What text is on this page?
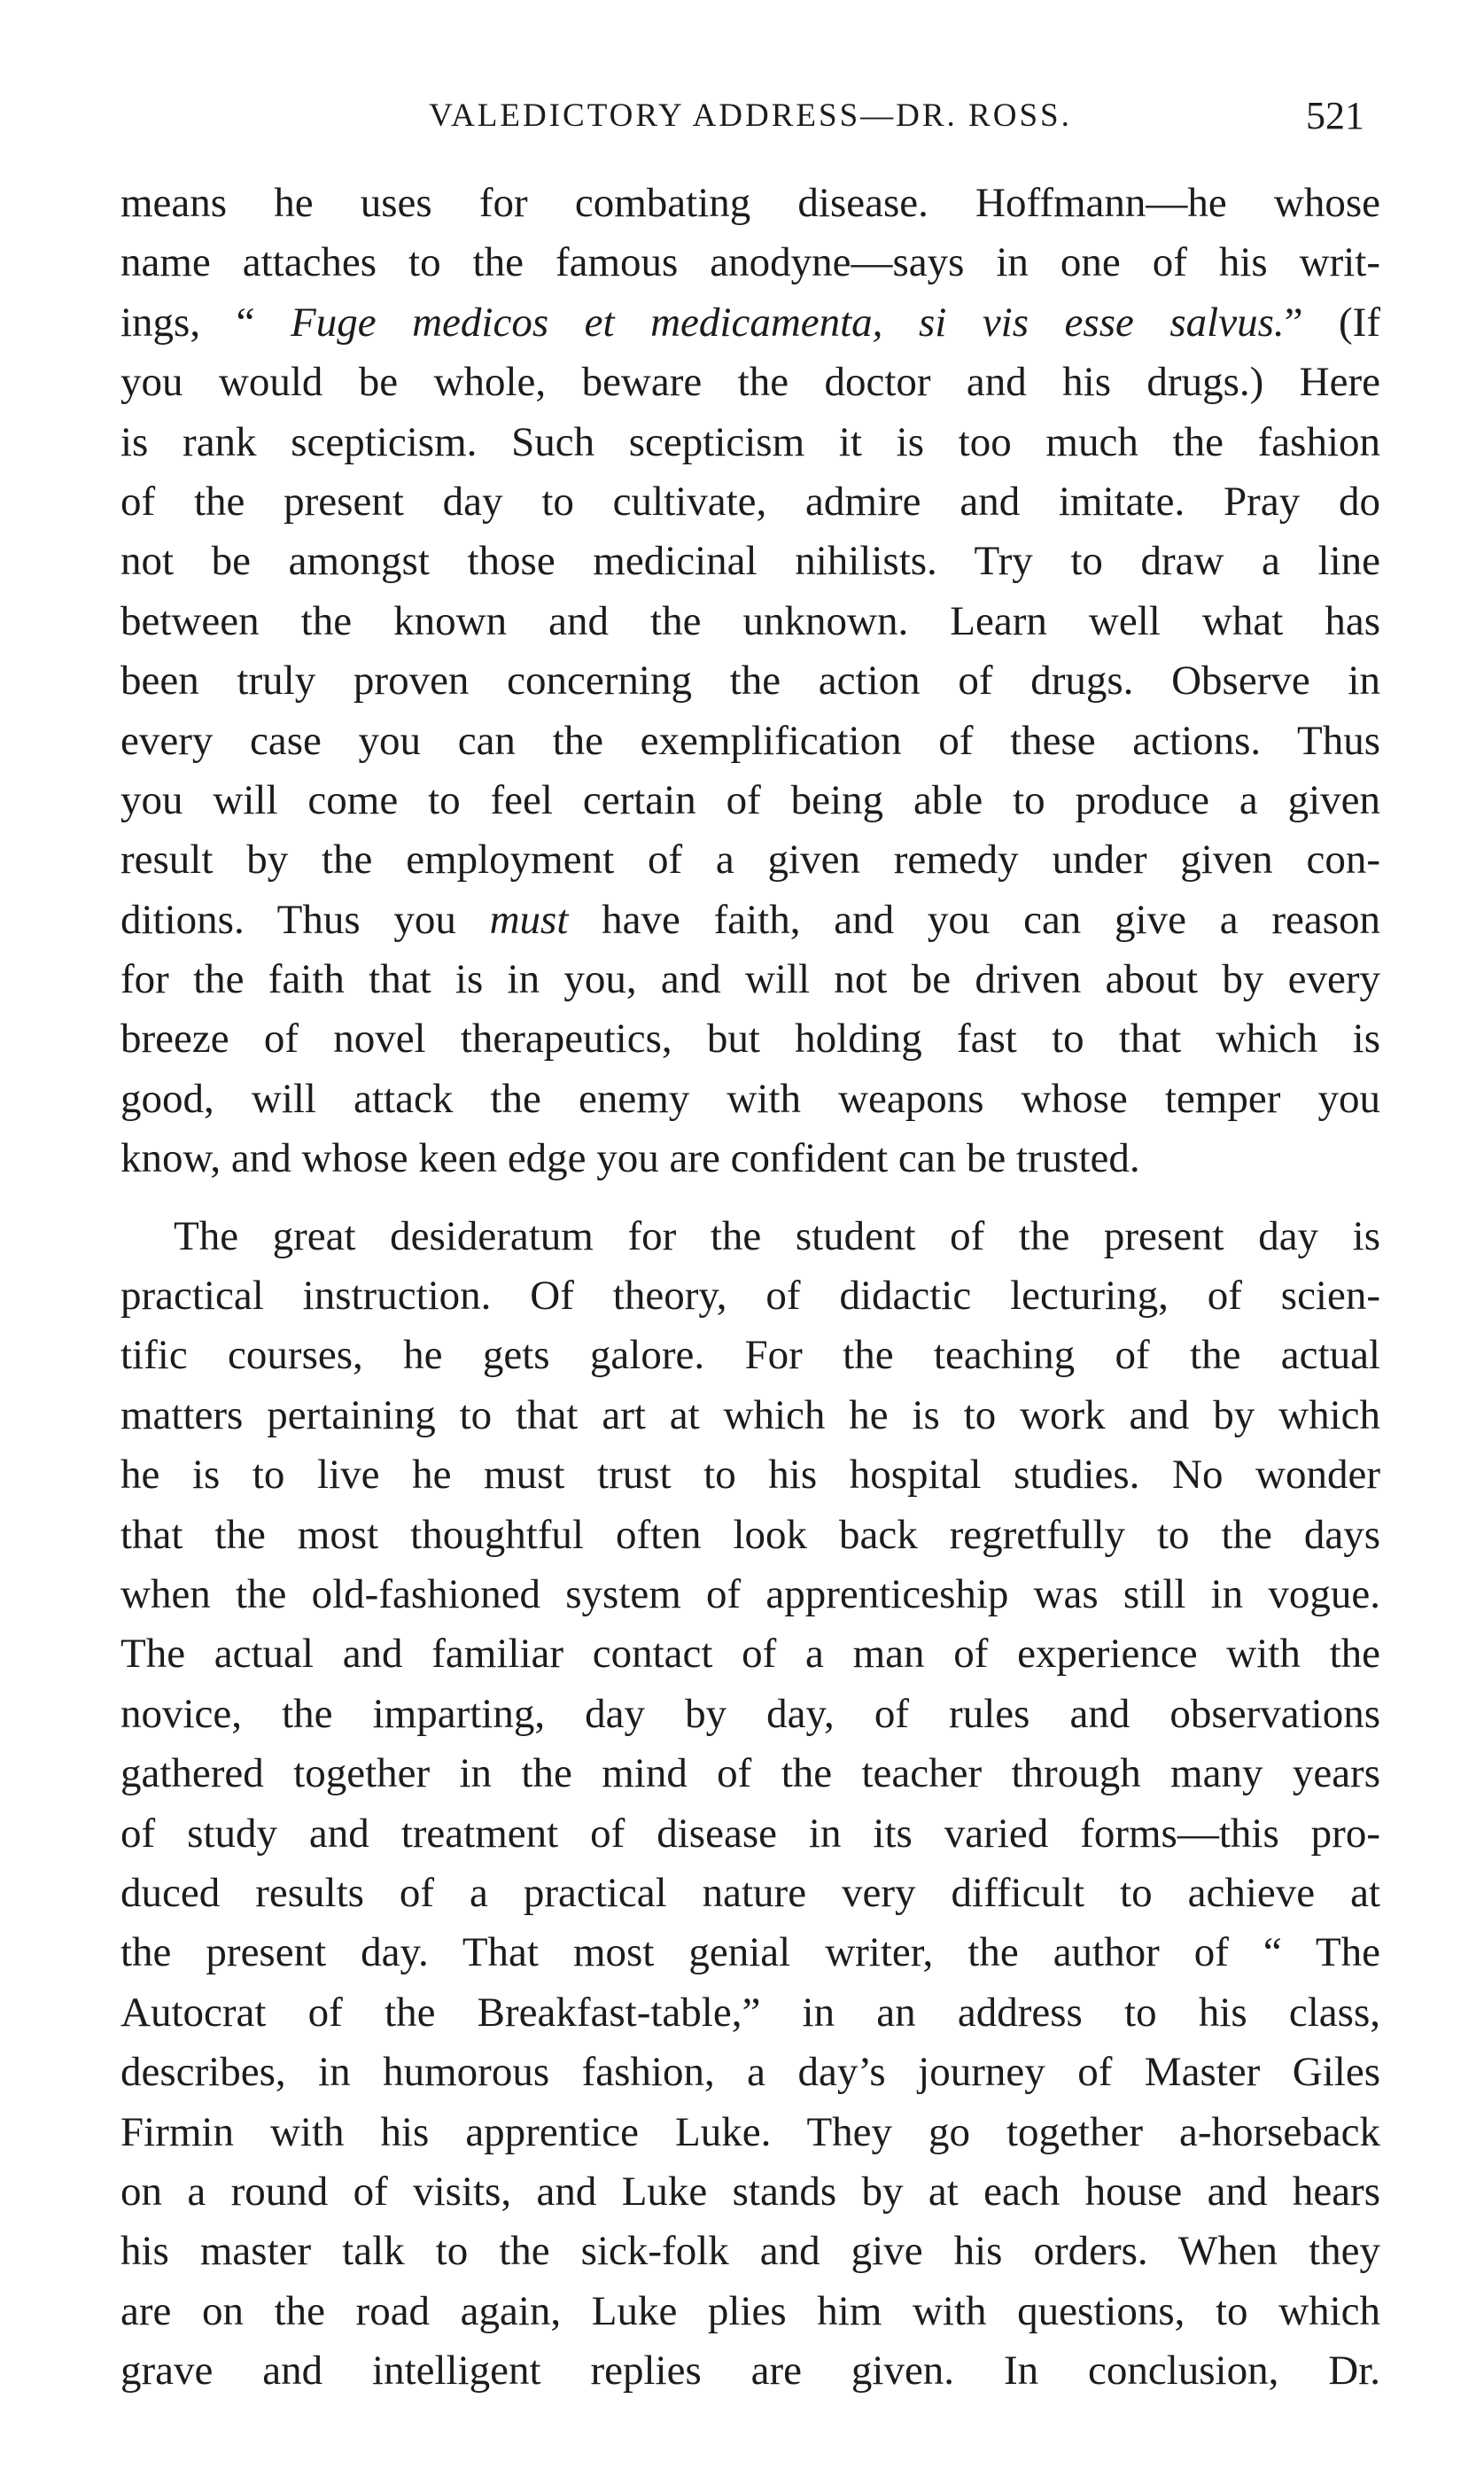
VALEDICTORY ADDRESS—DR. ROSS.	521
means he uses for combating disease. Hoffmann—he whose
name attaches to the famous anodyne—says in one of his writ-
ings, “ Fuge medicos et medicamenta, si vis esse salvus.” (If
you would be whole, beware the doctor and his drugs.) Here
is rank scepticism. Such scepticism it is too much the fashion
of the present day to cultivate, admire and imitate. Pray do
not be amongst those medicinal nihilists. Try to draw a line
between the known and the unknown. Learn well what has
been truly proven concerning the action of drugs. Observe in
every case you can the exemplification of these actions. Thus
you will come to feel certain of being able to produce a given
result by the employment of a given remedy under given con-
ditions. Thus you must have faith, and you can give a reason
for the faith that is in you, and will not be driven about by every
breeze of novel therapeutics, but holding fast to that which is
good, will attack the enemy with weapons whose temper you
know, and whose keen edge you are confident can be trusted.
The great desideratum for the student of the present day is
practical instruction. Of theory, of didactic lecturing, of scien-
tific courses, he gets galore. For the teaching of the actual
matters pertaining to that art at which he is to work and by which
he is to live he must trust to his hospital studies. No wonder
that the most thoughtful often look back regretfully to the days
when the old-fashioned system of apprenticeship was still in vogue.
The actual and familiar contact of a man of experience with the
novice, the imparting, day by day, of rules and observations
gathered together in the mind of the teacher through many years
of study and treatment of disease in its varied forms—this pro-
duced results of a practical nature very difficult to achieve at
the present day. That most genial writer, the author of “ The
Autocrat of the Breakfast-table,” in an address to his class,
describes, in humorous fashion, a day’s journey of Master Giles
Firmin with his apprentice Luke. They go together a-horseback
on a round of visits, and Luke stands by at each house and hears
his master talk to the sick-folk and give his orders. When they
are on the road again, Luke plies him with questions, to which
grave and intelligent replies are given. In conclusion, Dr.
